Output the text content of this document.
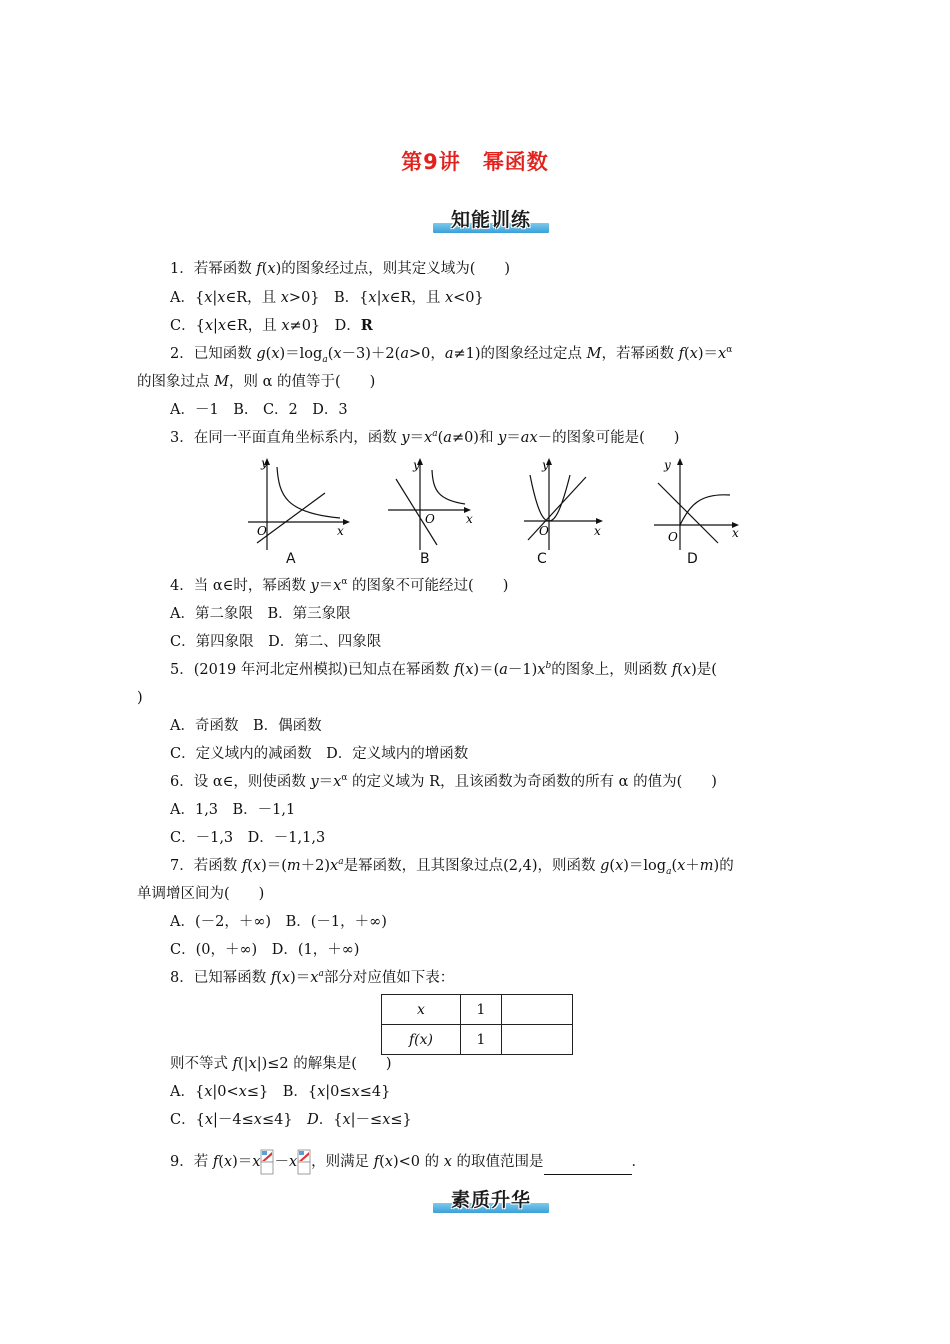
第9讲 幂函数
知能训练
1．若幂函数 f(x)的图象经过点，则其定义域为(　　)
A．{x|x∈R，且 x>0}　B．{x|x∈R，且 x<0}
C．{x|x∈R，且 x≠0}　D．R
2．已知函数 $g(x)=\log_a(x-3)+2(a>0$，a≠1)的图象经过定点 M，若幂函数 $f(x)=x^\alpha$
的图象过点 M，则 α 的值等于(　　)
A．－1　B.　C．2　D．3
3．在同一平面直角坐标系内，函数 $y=x^a(a\ne 0)$和 y＝ax－的图象可能是(　　)
y
x
O
y
x
O
y
x
O
y
x
O
A	B	C	D
4．当 α∈时，幂函数 $y=x^\alpha$ 的图象不可能经过(　　)
A．第二象限　B．第三象限
C．第四象限　D．第二、四象限
5．(2019 年河北定州模拟)已知点在幂函数 $f(x)=(a-1)x^b$的图象上，则函数 f(x)是(
)
A．奇函数　B．偶函数
C．定义域内的减函数　D．定义域内的增函数
6．设 α∈，则使函数 $y=x^\alpha$ 的定义域为 R，且该函数为奇函数的所有 α 的值为(　　)
A．1,3　B．－1,1
C．－1,3　D．－1,1,3
7．若函数 $f(x)=(m+2)x^a$是幂函数，且其图象过点(2,4)，则函数 $g(x)=\log_a(x+m)$的
单调增区间为(　　)
A．(－2，＋∞)　B．(－1，＋∞)
C．(0，＋∞)　D．(1，＋∞)
8．已知幂函数 $f(x)=x^a$部分对应值如下表：
x	1	
f(x)	1	
则不等式 f(|x|)≤2 的解集是(　　)
A．{x|0<x≤}　B．{x|0≤x≤4}
C．{x|－4≤x≤4}　D．{x|－≤x≤}
9．若 f(x)＝x －x ，则满足 f(x)<0 的 x 的取值范围是	．
素质升华
